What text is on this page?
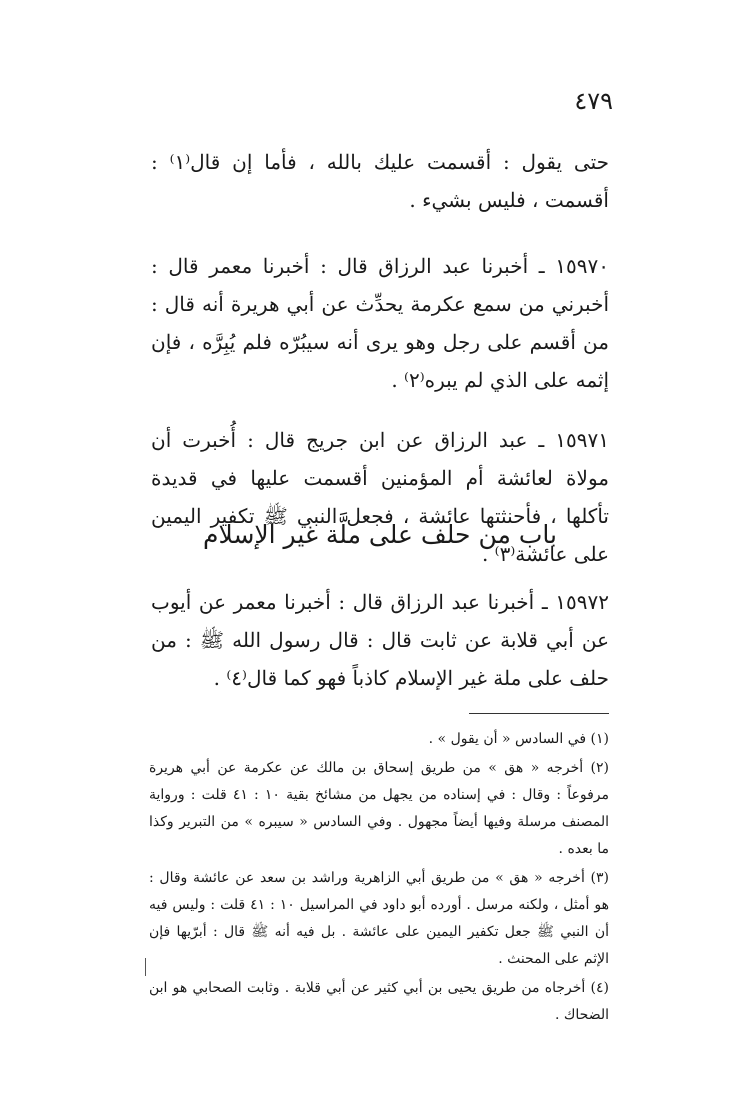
٤٧٩

حتى يقول : أقسمت عليك بالله ، فأما إن قال⁽١⁾ : أقسمت ، فليس بشيء .

١٥٩٧٠ ـ أخبرنا عبد الرزاق قال : أخبرنا معمر قال : أخبرني من سمع عكرمة يحدِّث عن أبي هريرة أنه قال : من أقسم على رجل وهو يرى أنه سيبُرّه فلم يُبِرَّه ، فإن إثمه على الذي لم يبره⁽٢⁾ .

١٥٩٧١ ـ عبد الرزاق عن ابن جريج قال : أُخبرت أن مولاة لعائشة أم المؤمنين أقسمت عليها في قديدة تأكلها ، فأحنثتها عائشة ، فجعل النبي ﷺ تكفير اليمين على عائشة⁽٣⁾ .

باب من حلف على ملَّة غير الإسلام

١٥٩٧٢ ـ أخبرنا عبد الرزاق قال : أخبرنا معمر عن أيوب عن أبي قلابة عن ثابت قال : قال رسول الله ﷺ : من حلف على ملة غير الإسلام كاذباً فهو كما قال⁽٤⁾ .

(١) في السادس « أن يقول » .

(٢) أخرجه « هق » من طريق إسحاق بن مالك عن عكرمة عن أبي هريرة مرفوعاً : وقال : في إسناده من يجهل من مشائخ بقية ١٠ : ٤١ قلت : ورواية المصنف مرسلة وفيها أيضاً مجهول . وفي السادس « سيبره » من التبرير وكذا ما بعده .

(٣) أخرجه « هق » من طريق أبي الزاهرية وراشد بن سعد عن عائشة وقال : هو أمثل ، ولكنه مرسل . أورده أبو داود في المراسيل ١٠ : ٤١ قلت : وليس فيه أن النبي ﷺ جعل تكفير اليمين على عائشة . بل فيه أنه ﷺ قال : أبرّيها فإن الإثم على المحنث .

(٤) أخرجاه من طريق يحيى بن أبي كثير عن أبي قلابة . وثابت الصحابي هو ابن الضحاك .
